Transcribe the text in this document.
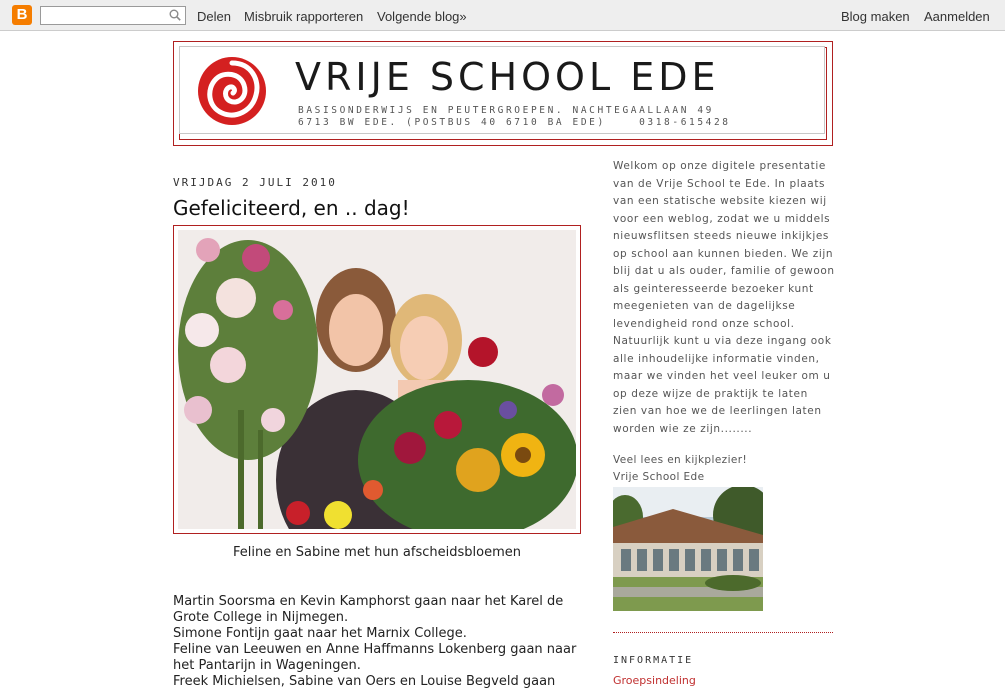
B	Delen Misbruik rapporteren Volgende blog»	Blog maken Aanmelden
VRIJE SCHOOL EDE
BASISONDERWIJS EN PEUTERGROEPEN. NACHTEGAALLAAN 49
6713 BW EDE. (POSTBUS 40 6710 BA EDE)    0318-615428
VRIJDAG 2 JULI 2010
Gefeliciteerd, en .. dag!
Feline en Sabine met hun afscheidsbloemen

Martin Soorsma en Kevin Kamphorst gaan naar het Karel de Grote College in Nijmegen.

Simone Fontijn gaat naar het Marnix College.

Feline van Leeuwen en Anne Haffmanns Lokenberg gaan naar het Pantarijn in Wageningen.

Freek Michielsen, Sabine van Oers en Louise Begveld gaan

Welkom op onze digitele presentatie van de Vrije School te Ede. In plaats van een statische website kiezen wij voor een weblog, zodat we u middels nieuwsflitsen steeds nieuwe inkijkjes op school aan kunnen bieden. We zijn blij dat u als ouder, familie of gewoon als geinteresseerde bezoeker kunt meegenieten van de dagelijkse levendigheid rond onze school. Natuurlijk kunt u via deze ingang ook alle inhoudelijke informatie vinden, maar we vinden het veel leuker om u op deze wijze de praktijk te laten zien van hoe we de leerlingen laten worden wie ze zijn........

Veel lees en kijkplezier!
Vrije School Ede
INFORMATIE
Groepsindeling
